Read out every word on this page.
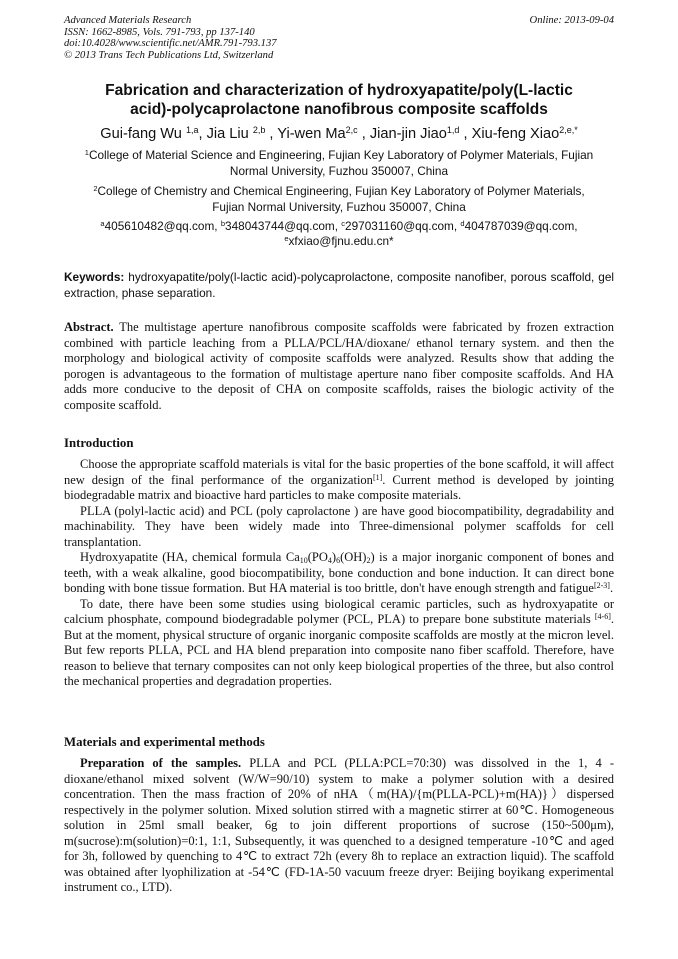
Advanced Materials Research
ISSN: 1662-8985, Vols. 791-793, pp 137-140
doi:10.4028/www.scientific.net/AMR.791-793.137
© 2013 Trans Tech Publications Ltd, Switzerland
Online: 2013-09-04
Fabrication and characterization of hydroxyapatite/poly(L-lactic
acid)-polycaprolactone nanofibrous composite scaffolds
Gui-fang Wu $^{1,a}$, Jia Liu $^{2,b}$ , Yi-wen Ma$^{2,c}$ , Jian-jin Jiao$^{1,d}$ , Xiu-feng Xiao$^{2,e,*}$
$^1$College of Material Science and Engineering, Fujian Key Laboratory of Polymer Materials, Fujian
Normal University, Fuzhou 350007, China
$^2$College of Chemistry and Chemical Engineering, Fujian Key Laboratory of Polymer Materials,
Fujian Normal University, Fuzhou 350007, China
$^a$405610482@qq.com, $^b$348043744@qq.com, $^c$297031160@qq.com, $^d$404787039@qq.com,
$^e$xfxiao@fjnu.edu.cn*
Keywords: hydroxyapatite/poly(l-lactic acid)-polycaprolactone, composite nanofiber, porous scaffold, gel extraction, phase separation.

Abstract. The multistage aperture nanofibrous composite scaffolds were fabricated by frozen extraction combined with particle leaching from a PLLA/PCL/HA/dioxane/ ethanol ternary system. and then the morphology and biological activity of composite scaffolds were analyzed. Results show that adding the porogen is advantageous to the formation of multistage aperture nano fiber composite scaffolds. And HA adds more conducive to the deposit of CHA on composite scaffolds, raises the biologic activity of the composite scaffold.

Introduction

Choose the appropriate scaffold materials is vital for the basic properties of the bone scaffold, it will affect new design of the final performance of the organization[1]. Current method is developed by jointing biodegradable matrix and bioactive hard particles to make composite materials.

PLLA (polyl-lactic acid) and PCL (poly caprolactone ) are have good biocompatibility, degradability and machinability. They have been widely made into Three-dimensional polymer scaffolds for cell transplantation.

Hydroxyapatite (HA, chemical formula $Ca_{10}(PO_4)_6(OH)_2$) is a major inorganic component of bones and teeth, with a weak alkaline, good biocompatibility, bone conduction and bone induction. It can direct bone bonding with bone tissue formation. But HA material is too brittle, don't have enough strength and fatigue[2-3].

To date, there have been some studies using biological ceramic particles, such as hydroxyapatite or calcium phosphate, compound biodegradable polymer (PCL, PLA) to prepare bone substitute materials [4-6]. But at the moment, physical structure of organic inorganic composite scaffolds are mostly at the micron level. But few reports PLLA, PCL and HA blend preparation into composite nano fiber scaffold. Therefore, have reason to believe that ternary composites can not only keep biological properties of the three, but also control the mechanical properties and degradation properties.

Materials and experimental methods

Preparation of the samples. PLLA and PCL (PLLA:PCL=70:30) was dissolved in the 1, 4 -dioxane/ethanol mixed solvent (W/W=90/10) system to make a polymer solution with a desired concentration. Then the mass fraction of 20% of nHA（m(HA)/{m(PLLA-PCL)+m(HA)}）dispersed respectively in the polymer solution. Mixed solution stirred with a magnetic stirrer at 60℃. Homogeneous solution in 25ml small beaker, 6g to join different proportions of sucrose (150~500μm), m(sucrose):m(solution)=0:1, 1:1, Subsequently, it was quenched to a designed temperature -10℃ and aged for 3h, followed by quenching to 4℃ to extract 72h (every 8h to replace an extraction liquid). The scaffold was obtained after lyophilization at -54℃ (FD-1A-50 vacuum freeze dryer: Beijing boyikang experimental instrument co., LTD).
